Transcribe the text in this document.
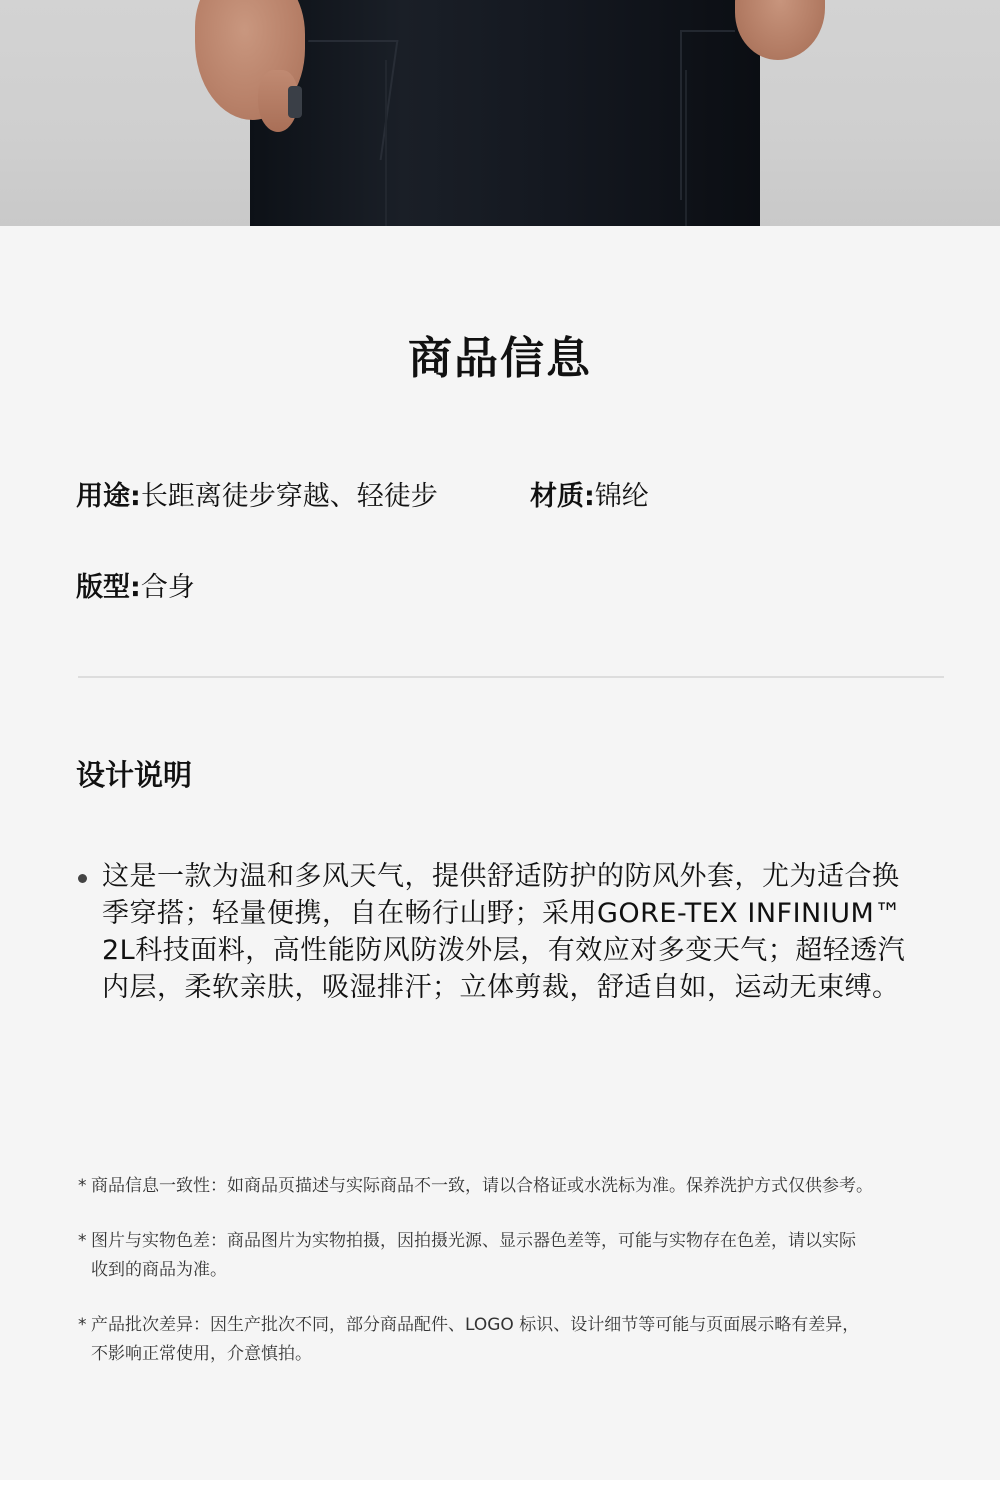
商品信息
用途:长距离徒步穿越、轻徒步	材质:锦纶
版型:合身
设计说明
这是一款为温和多风天气，提供舒适防护的防风外套，尤为适合换
季穿搭；轻量便携，自在畅行山野；采用GORE-TEX INFINIUM™
2L科技面料，高性能防风防泼外层，有效应对多变天气；超轻透汽
内层，柔软亲肤，吸湿排汗；立体剪裁，舒适自如，运动无束缚。
* 商品信息一致性：如商品页描述与实际商品不一致，请以合格证或水洗标为准。保养洗护方式仅供参考。
* 图片与实物色差：商品图片为实物拍摄，因拍摄光源、显示器色差等，可能与实物存在色差，请以实际
收到的商品为准。
* 产品批次差异：因生产批次不同，部分商品配件、LOGO 标识、设计细节等可能与页面展示略有差异，
不影响正常使用，介意慎拍。
